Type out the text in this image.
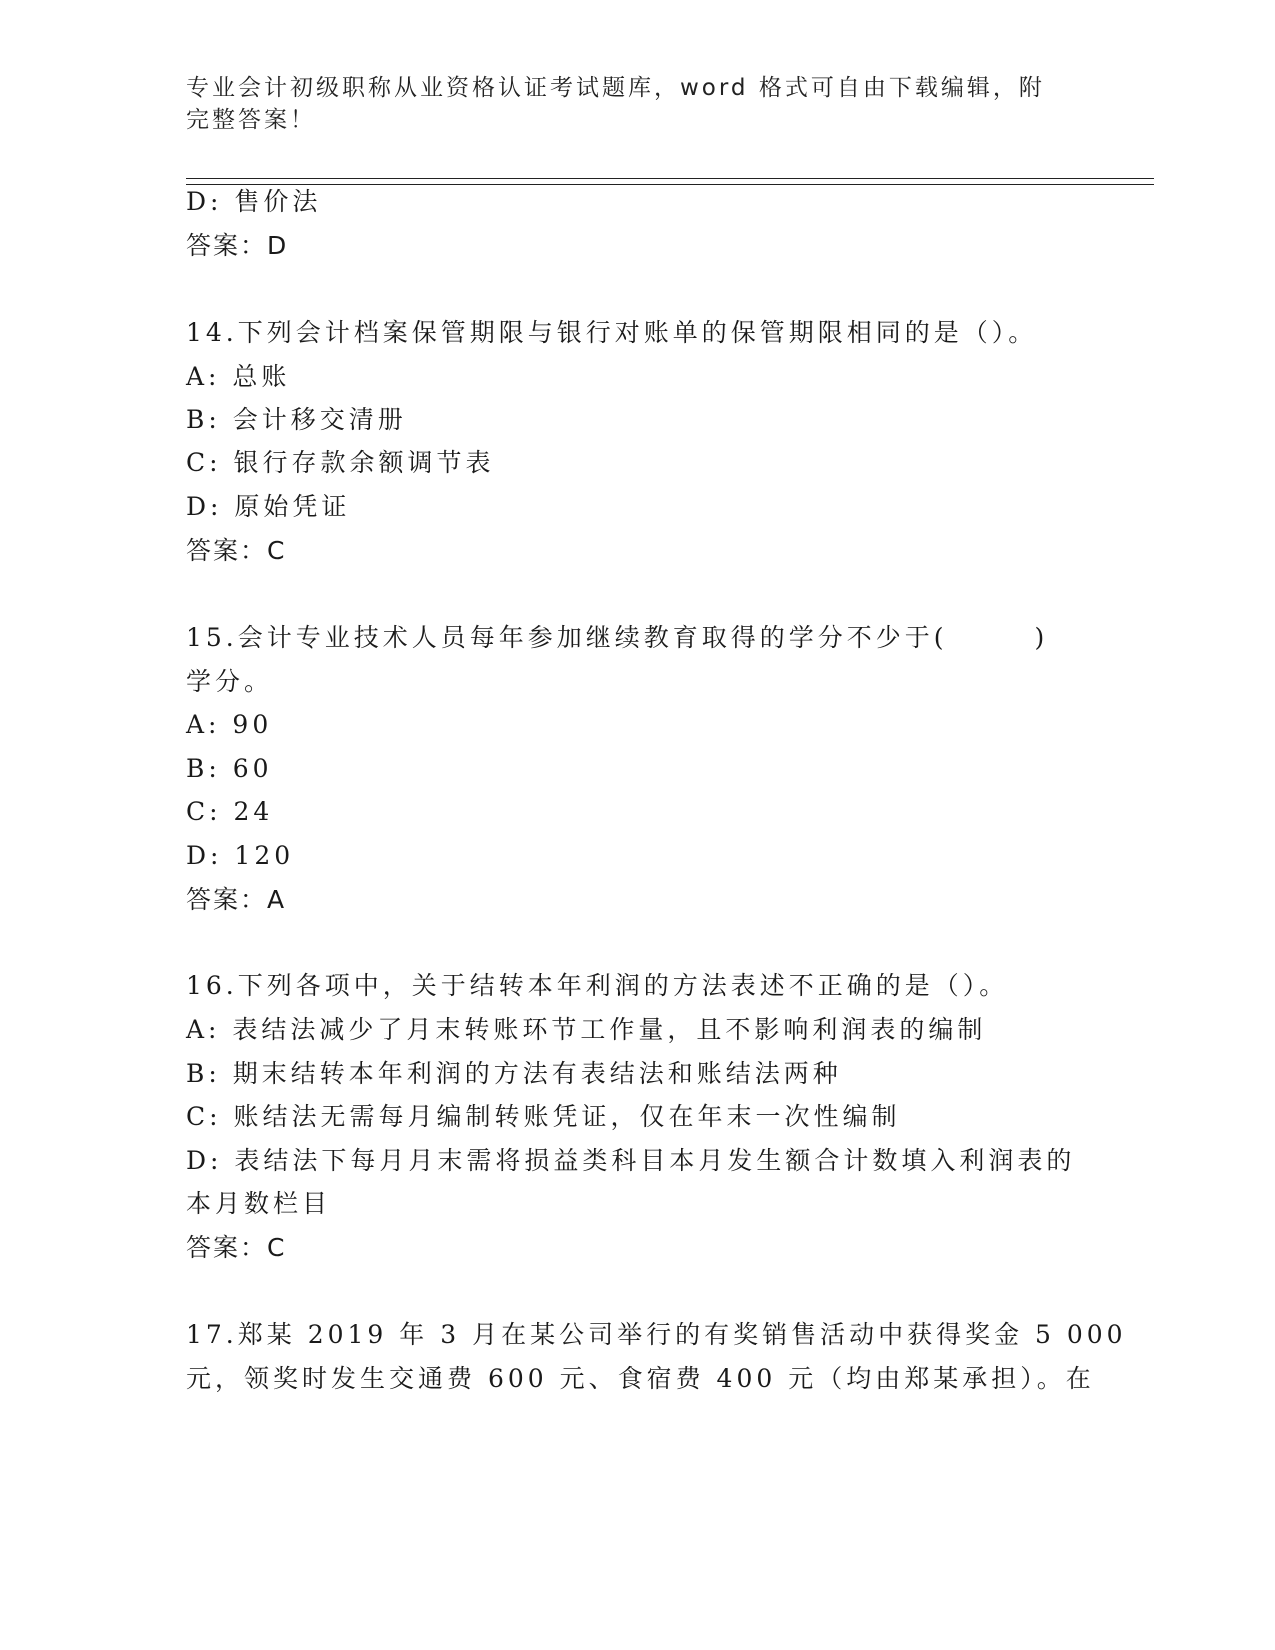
专业会计初级职称从业资格认证考试题库，word 格式可自由下载编辑，附完整答案！
D: 售价法
答案：D
14.下列会计档案保管期限与银行对账单的保管期限相同的是（）。
A: 总账
B: 会计移交清册
C: 银行存款余额调节表
D: 原始凭证
答案：C
15.会计专业技术人员每年参加继续教育取得的学分不少于(　　　)
学分。
A: 90
B: 60
C: 24
D: 120
答案：A
16.下列各项中，关于结转本年利润的方法表述不正确的是（）。
A: 表结法减少了月末转账环节工作量，且不影响利润表的编制
B: 期末结转本年利润的方法有表结法和账结法两种
C: 账结法无需每月编制转账凭证，仅在年末一次性编制
D: 表结法下每月月末需将损益类科目本月发生额合计数填入利润表的
本月数栏目
答案：C
17.郑某 2019 年 3 月在某公司举行的有奖销售活动中获得奖金 5 000
元，领奖时发生交通费 600 元、食宿费 400 元（均由郑某承担）。在
